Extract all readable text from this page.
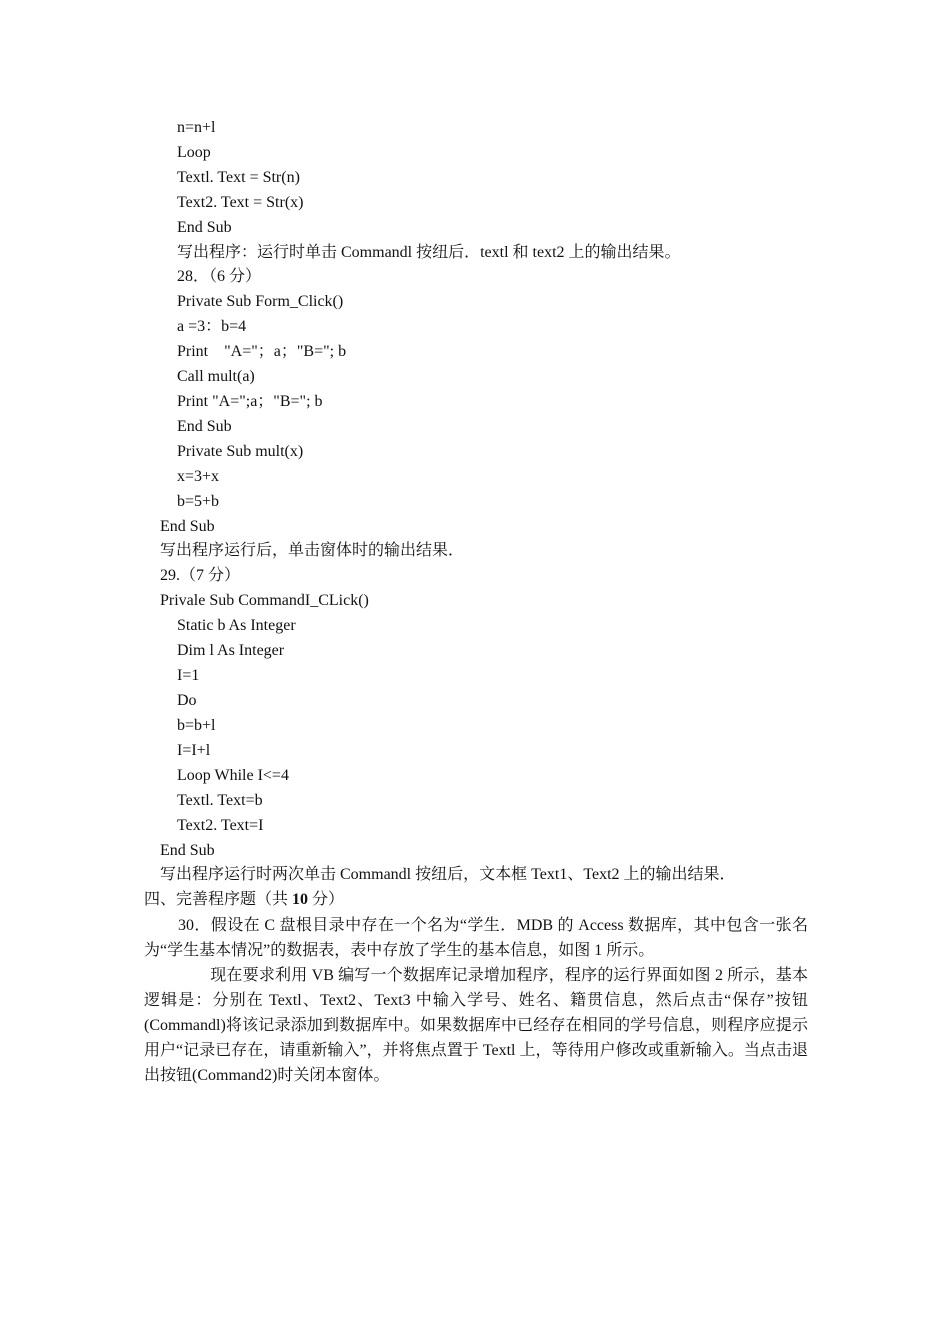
n=n+l
Loop
Textl. Text = Str(n)
Text2. Text = Str(x)
End Sub
写出程序：运行时单击 Commandl 按纽后．textl 和 text2 上的输出结果。
28．（6 分）
Private Sub Form_Click()
a =3：b=4
Print    "A="；a；"B="; b
Call mult(a)
Print "A=";a；"B="; b
End Sub
Private Sub mult(x)
x=3+x
b=5+b
End Sub
写出程序运行后，单击窗体时的输出结果．
29.（7 分）
Privale Sub CommandI_CLick()
Static b As Integer
Dim l As Integer
I=1
Do
b=b+l
I=I+l
Loop While I<=4
Textl. Text=b
Text2. Text=I
End Sub
写出程序运行时两次单击 Commandl 按纽后，文本框 Text1、Text2 上的输出结果．
四、完善程序题（共 10 分）
30．假设在 C 盘根目录中存在一个名为“学生．MDB 的 Access 数据库，其中包含一张名为“学生基本情况”的数据表，表中存放了学生的基本信息，如图 1 所示。
现在要求利用 VB 编写一个数据库记录增加程序，程序的运行界面如图 2 所示，基本逻辑是：分别在 Textl、Text2、Text3 中输入学号、姓名、籍贯信息，然后点击“保存”按钮(Commandl)将该记录添加到数据库中。如果数据库中已经存在相同的学号信息，则程序应提示用户“记录已存在，请重新输入”，并将焦点置于 Textl 上，等待用户修改或重新输入。当点击退出按钮(Command2)时关闭本窗体。
